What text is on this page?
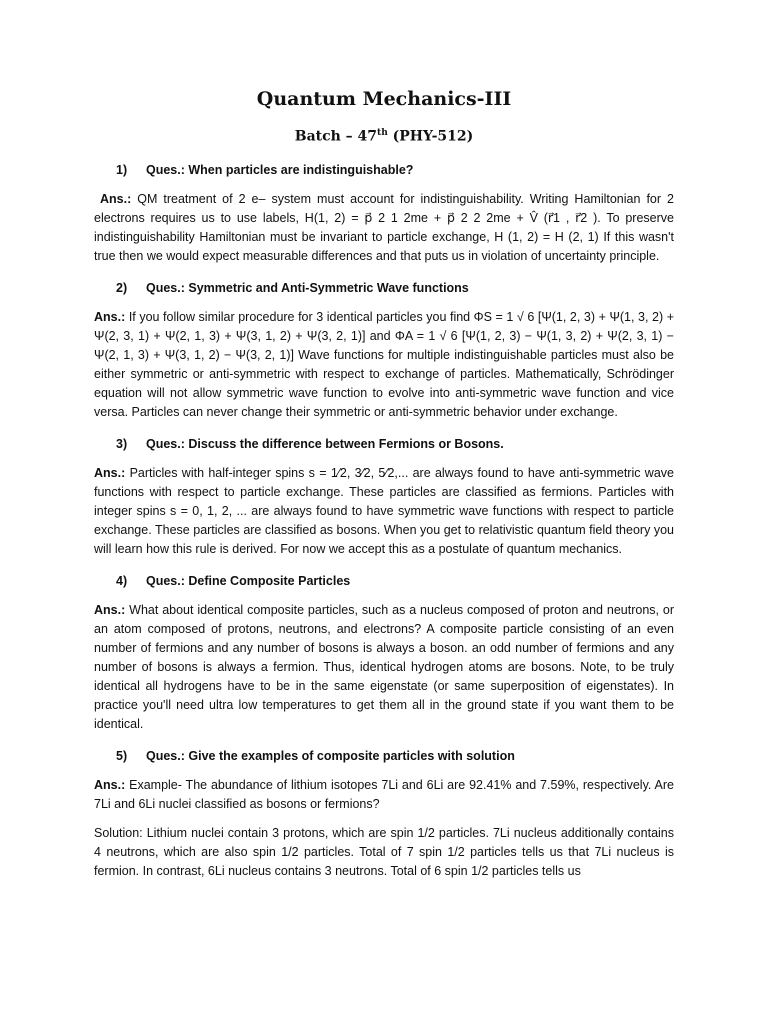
Quantum Mechanics-III
Batch – 47th (PHY-512)
1)	Ques.: When particles are indistinguishable?

Ans.: QM treatment of 2 e– system must account for indistinguishability. Writing Hamiltonian for 2 electrons requires us to use labels, H(1, 2) = p⃗ 2 1 2me + p⃗ 2 2 2me + V̂ (r⃗1 , r⃗2 ). To preserve indistinguishability Hamiltonian must be invariant to particle exchange, H (1, 2) = H (2, 1) If this wasn't true then we would expect measurable differences and that puts us in violation of uncertainty principle.

2)	Ques.: Symmetric and Anti-Symmetric Wave functions

Ans.: If you follow similar procedure for 3 identical particles you find ΦS = 1 √ 6 [Ψ(1, 2, 3) + Ψ(1, 3, 2) + Ψ(2, 3, 1) + Ψ(2, 1, 3) + Ψ(3, 1, 2) + Ψ(3, 2, 1)] and ΦA = 1 √ 6 [Ψ(1, 2, 3) − Ψ(1, 3, 2) + Ψ(2, 3, 1) − Ψ(2, 1, 3) + Ψ(3, 1, 2) − Ψ(3, 2, 1)] Wave functions for multiple indistinguishable particles must also be either symmetric or anti-symmetric with respect to exchange of particles. Mathematically, Schrödinger equation will not allow symmetric wave function to evolve into anti-symmetric wave function and vice versa. Particles can never change their symmetric or anti-symmetric behavior under exchange.

3)	Ques.: Discuss the difference between Fermions or Bosons.

Ans.: Particles with half-integer spins s = 1⁄2, 3⁄2, 5⁄2,... are always found to have anti-symmetric wave functions with respect to particle exchange. These particles are classified as fermions. Particles with integer spins s = 0, 1, 2, ... are always found to have symmetric wave functions with respect to particle exchange. These particles are classified as bosons. When you get to relativistic quantum field theory you will learn how this rule is derived. For now we accept this as a postulate of quantum mechanics.

4)	Ques.: Define Composite Particles

Ans.: What about identical composite particles, such as a nucleus composed of proton and neutrons, or an atom composed of protons, neutrons, and electrons? A composite particle consisting of an even number of fermions and any number of bosons is always a boson. an odd number of fermions and any number of bosons is always a fermion. Thus, identical hydrogen atoms are bosons. Note, to be truly identical all hydrogens have to be in the same eigenstate (or same superposition of eigenstates). In practice you'll need ultra low temperatures to get them all in the ground state if you want them to be identical.

5)	Ques.: Give the examples of composite particles with solution

Ans.: Example- The abundance of lithium isotopes 7Li and 6Li are 92.41% and 7.59%, respectively. Are 7Li and 6Li nuclei classified as bosons or fermions?

Solution: Lithium nuclei contain 3 protons, which are spin 1/2 particles. 7Li nucleus additionally contains 4 neutrons, which are also spin 1/2 particles. Total of 7 spin 1/2 particles tells us that 7Li nucleus is fermion. In contrast, 6Li nucleus contains 3 neutrons. Total of 6 spin 1/2 particles tells us
